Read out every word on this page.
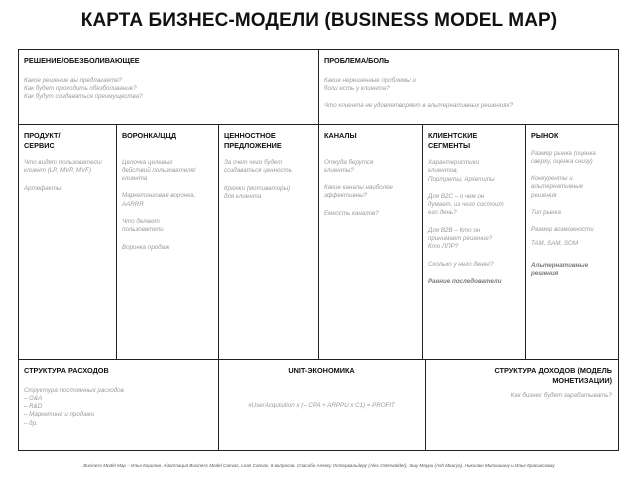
КАРТА БИЗНЕС-МОДЕЛИ (BUSINESS MODEL MAP)
РЕШЕНИЕ/ОБЕЗБОЛИВАЮЩЕЕ
Какое решение вы предлагаете?
Как будет проходить обезболивание?
Как будут создаваться преимущества?
ПРОБЛЕМА/БОЛЬ
Какие нерешенные проблемы и
боли есть у клиента?
Что клиента не удовлетворяет в альтернативных решениях?
ПРОДУКТ/
СЕРВИС
Что видят пользователи/
клиент (LP, MVP, MVF)
Артефакты
ВОРОНКА/ЦЦД
Цепочка целевых
действий пользователя/
клиента
Маркетинговая воронка,
AARRR
Что делают
пользователи
Воронка продаж
ЦЕННОСТНОЕ
ПРЕДЛОЖЕНИЕ
За счет чего будет
создаваться ценность
Крючки (мотиваторы)
для клиента
КАНАЛЫ
Откуда берутся
клиенты?
Какие каналы наиболее
эффективны?
Емкость каналов?
КЛИЕНТСКИЕ
СЕГМЕНТЫ
Характеристики
клиентов,
Портреты, Архетипы
Для B2C – о чем он
думает, из чего состоит
его день?
Для B2B – Кто он
принимает решение?
Кто ЛПР?
Сколько у него денег?
Ранние последователи
РЫНОК
Размер рынка (оценка
сверху, оценка снизу)
Конкуренты и
альтернативные
решения
Тип рынка
Размер возможности
TAM, SAM, SOM
Альтернативные
решения
СТРУКТУРА РАСХОДОВ
Структура постоянных расходов
– G&A
– R&D
– Маркетинг и продажи
– др.
UNIT-ЭКОНОМИКА
#UserAcquisition x (– CPA + ARPPU x C1) = PROFIT
СТРУКТУРА ДОХОДОВ (МОДЕЛЬ
МОНЕТИЗАЦИИ)
Как бизнес будет зарабатывать?
Business Model Map – Илья Королев. Адаптация Business Model Canvas, Lean Canvas, 8 вопросов. Спасибо Алексу Остервальдеру (Alex Osterwalder), Эшу Маури (Ash Maurya), Николаю Митюшину и Илье Красинскому
